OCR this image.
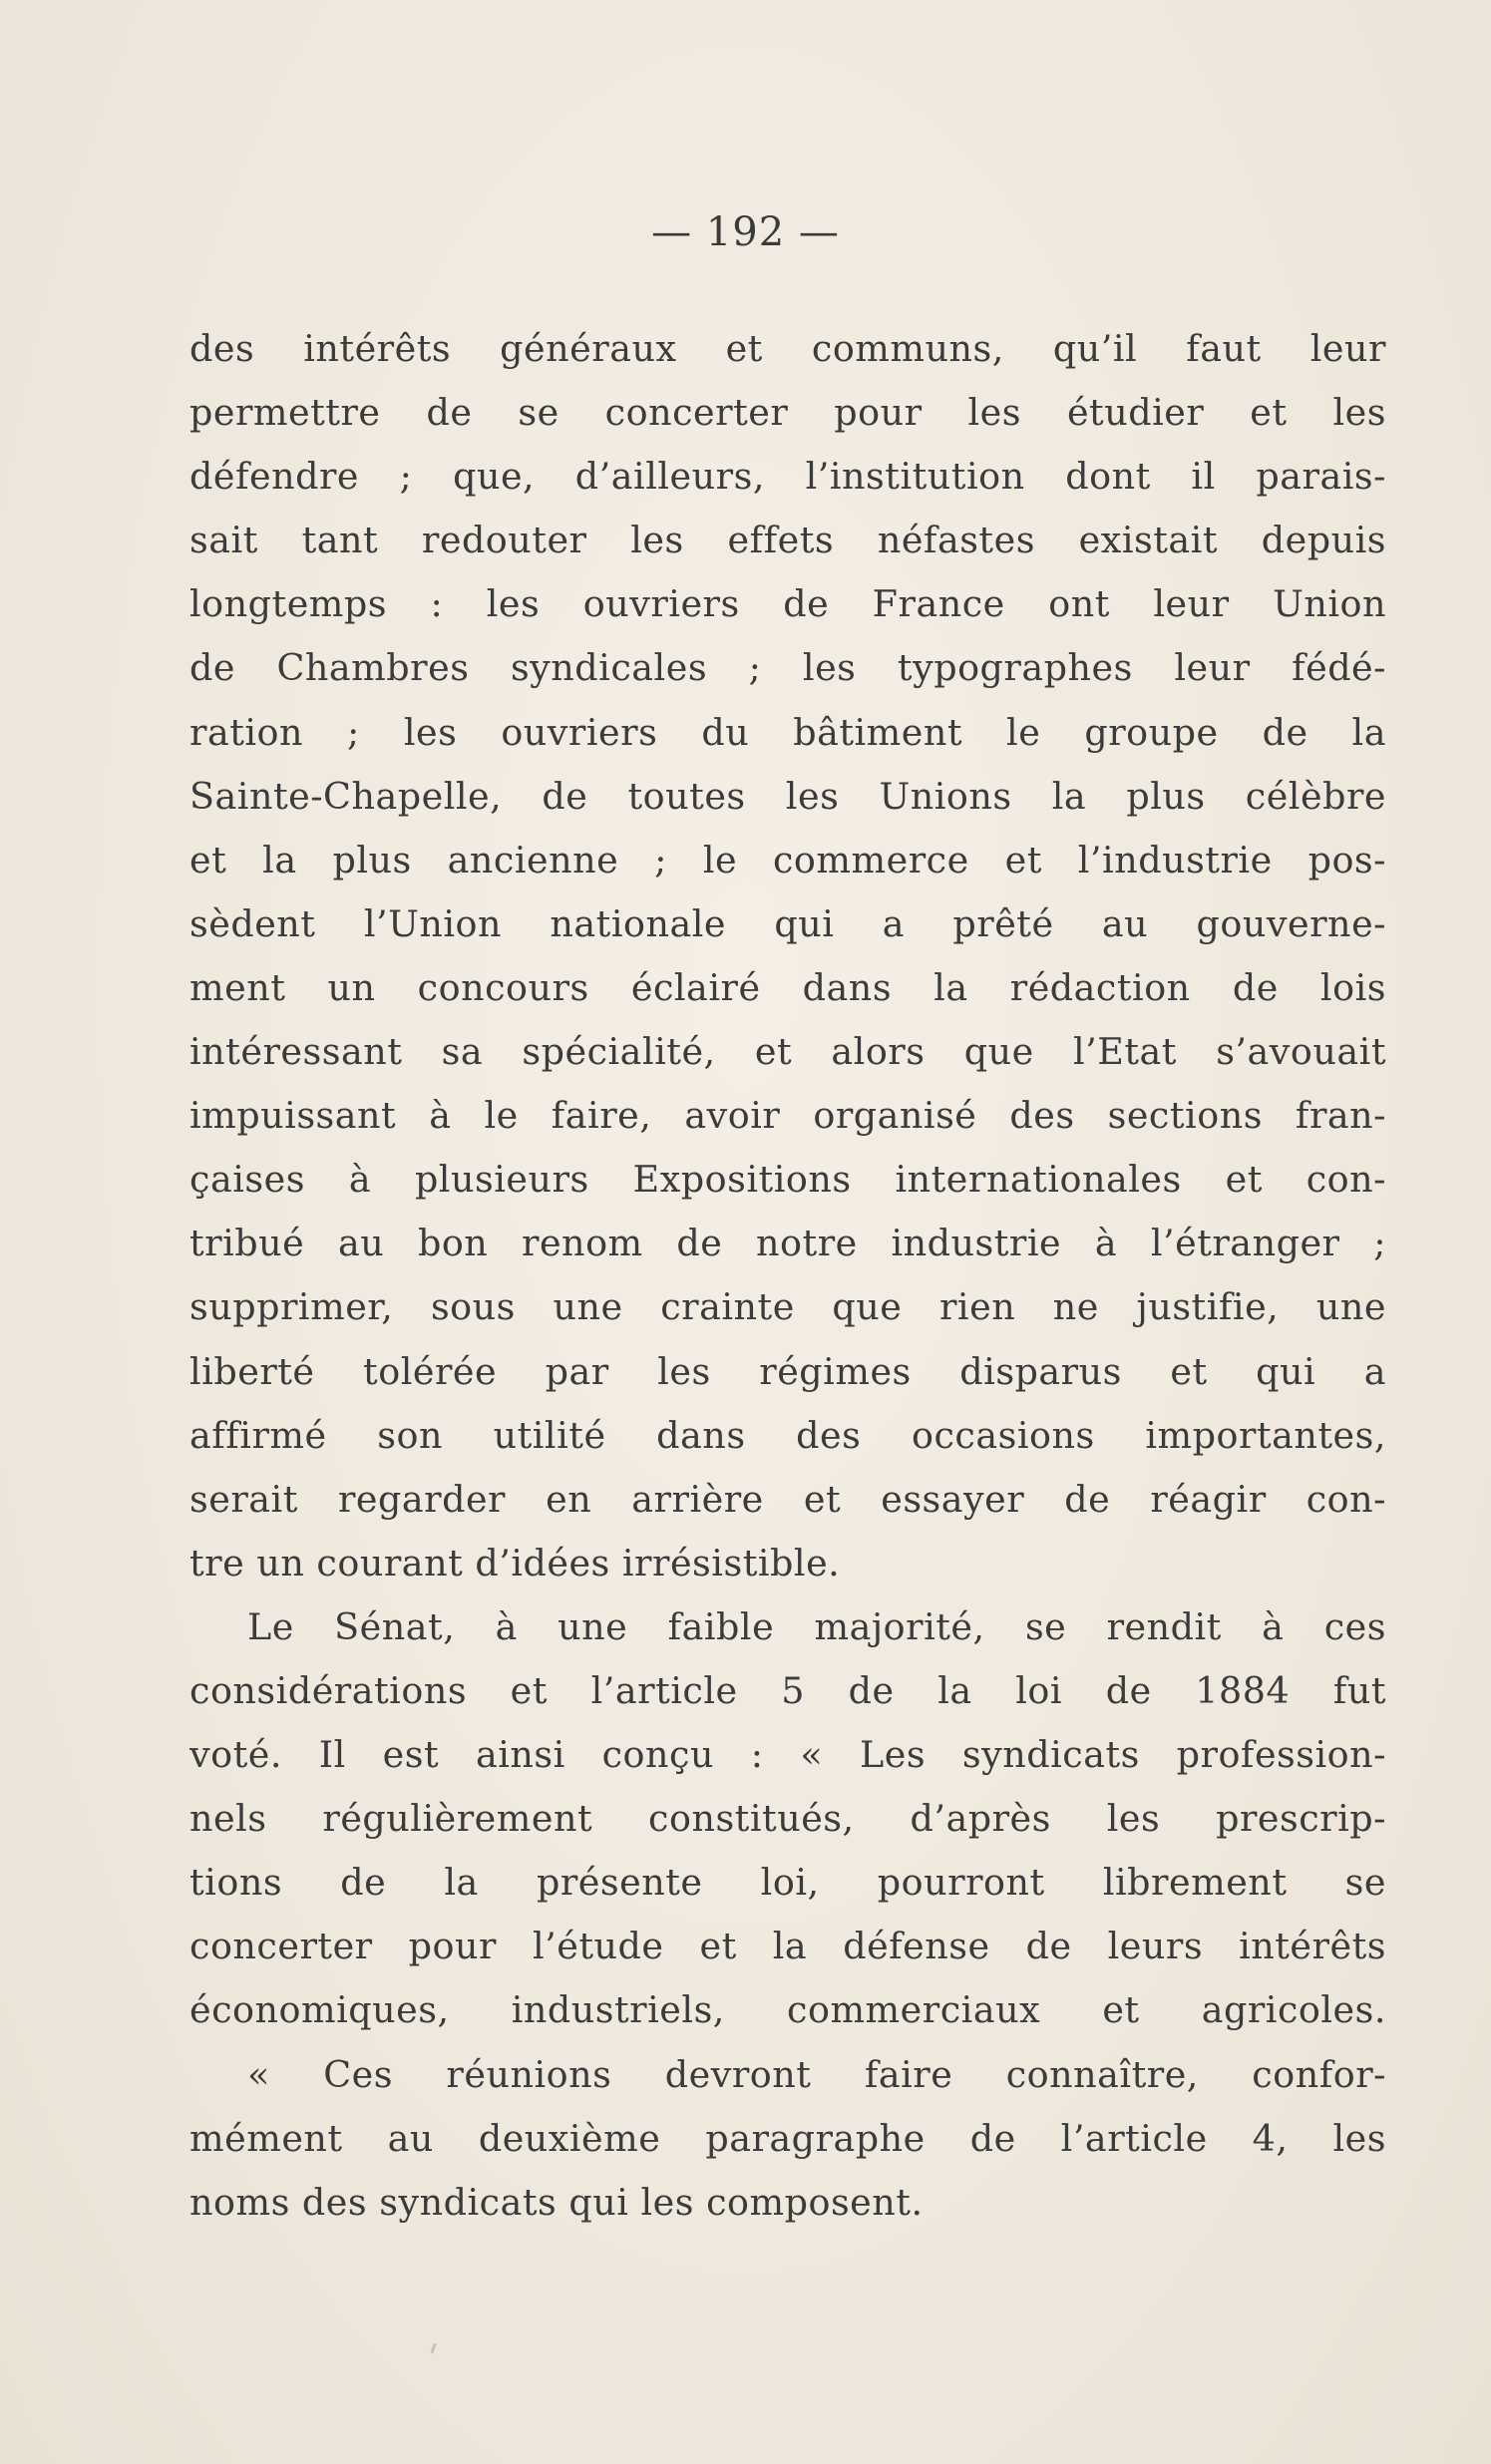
— 192 —
des intérêts généraux et communs, qu’il faut leur
permettre de se concerter pour les étudier et les
défendre ; que, d’ailleurs, l’institution dont il parais-
sait tant redouter les effets néfastes existait depuis
longtemps : les ouvriers de France ont leur Union
de Chambres syndicales ; les typographes leur fédé-
ration ; les ouvriers du bâtiment le groupe de la
Sainte-Chapelle, de toutes les Unions la plus célèbre
et la plus ancienne ; le commerce et l’industrie pos-
sèdent l’Union nationale qui a prêté au gouverne-
ment un concours éclairé dans la rédaction de lois
intéressant sa spécialité, et alors que l’Etat s’avouait
impuissant à le faire, avoir organisé des sections fran-
çaises à plusieurs Expositions internationales et con-
tribué au bon renom de notre industrie à l’étranger ;
supprimer, sous une crainte que rien ne justifie, une
liberté tolérée par les régimes disparus et qui a
affirmé son utilité dans des occasions importantes,
serait regarder en arrière et essayer de réagir con-
tre un courant d’idées irrésistible.
Le Sénat, à une faible majorité, se rendit à ces
considérations et l’article 5 de la loi de 1884 fut
voté. Il est ainsi conçu : « Les syndicats profession-
nels régulièrement constitués, d’après les prescrip-
tions de la présente loi, pourront librement se
concerter pour l’étude et la défense de leurs intérêts
économiques, industriels, commerciaux et agricoles.
« Ces réunions devront faire connaître, confor-
mément au deuxième paragraphe de l’article 4, les
noms des syndicats qui les composent.
